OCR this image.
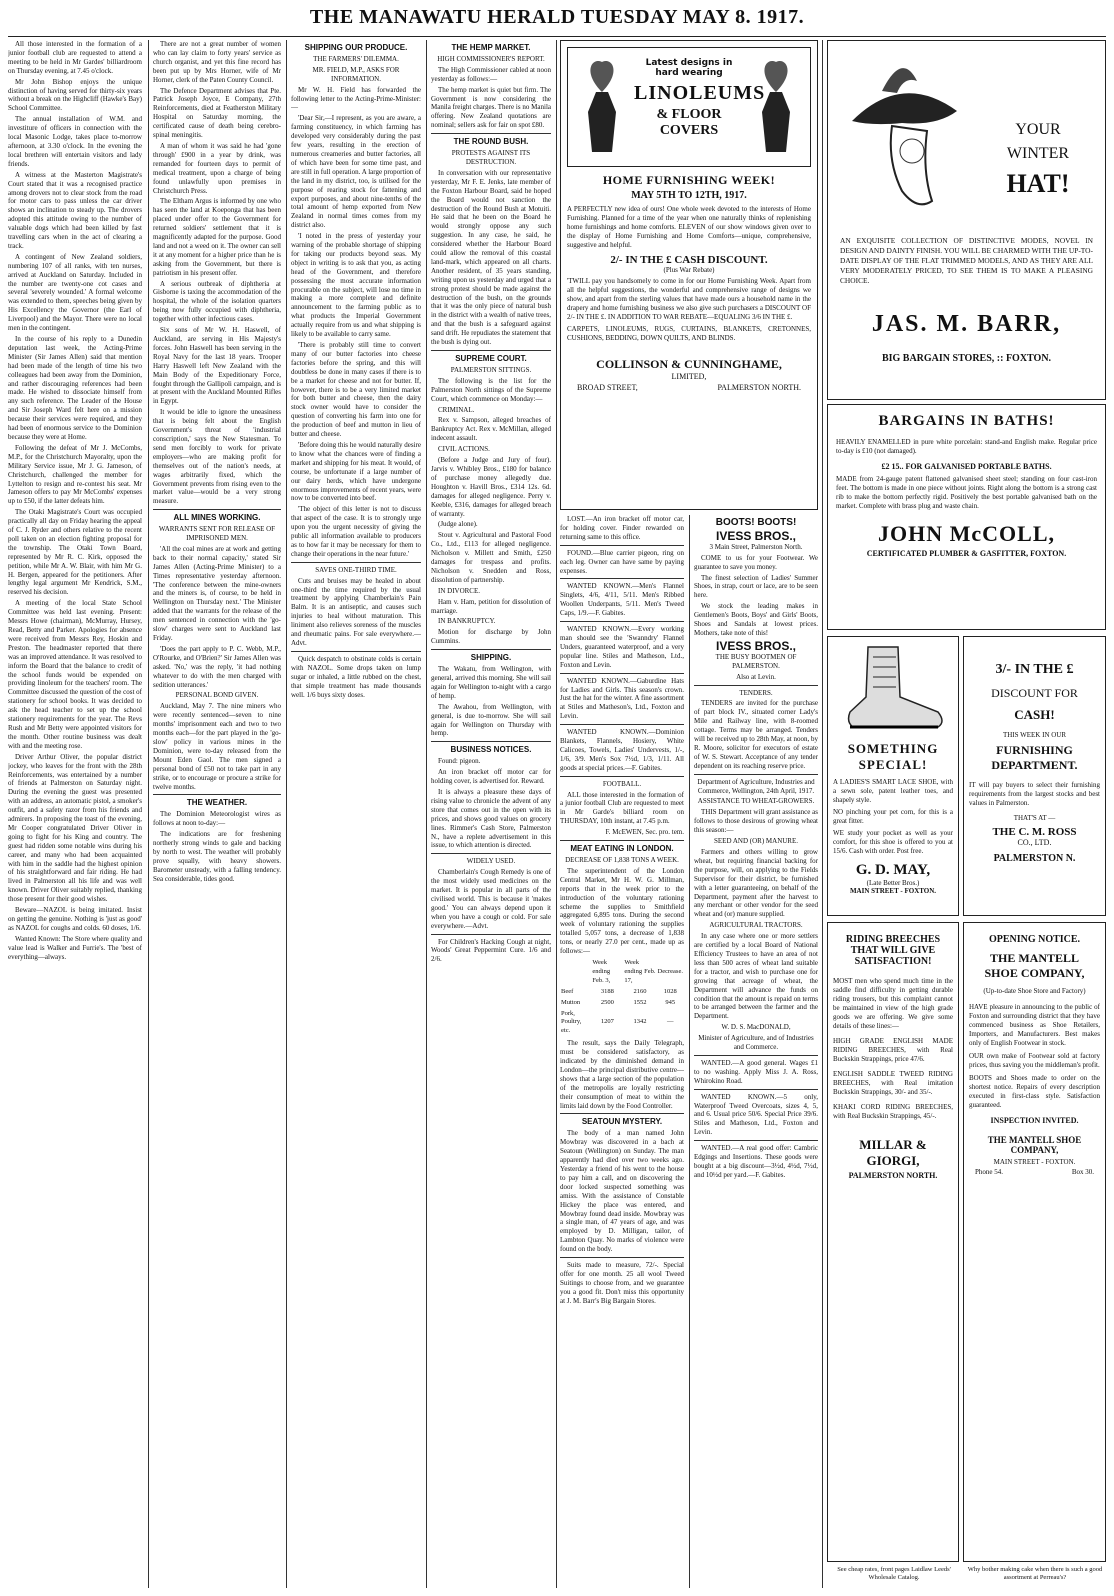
THE MANAWATU HERALD TUESDAY MAY 8. 1917.

All those interested in the formation of a junior football club are requested to attend a meeting to be held in Mr Gardes' billiardroom on Thursday evening, at 7.45 o'clock.

Mr John Bishop enjoys the unique distinction of having served for thirty-six years without a break on the Highcliff (Hawke's Bay) School Committee.

The annual installation of W.M. and investiture of officers in connection with the local Masonic Lodge, takes place to-morrow afternoon, at 3.30 o'clock. In the evening the local brethren will entertain visitors and lady friends.

A witness at the Masterton Magistrate's Court stated that it was a recognised practice among drovers not to clear stock from the road for motor cars to pass unless the car driver shows an inclination to steady up. The drovers adopted this attitude owing to the number of valuable dogs which had been killed by fast travelling cars when in the act of clearing a track.

A contingent of New Zealand soldiers, numbering 107 of all ranks, with ten nurses, arrived at Auckland on Saturday. Included in the number are twenty-one cot cases and several 'severely wounded.' A formal welcome was extended to them, speeches being given by His Excellency the Governor (the Earl of Liverpool) and the Mayor. There were no local men in the contingent.

In the course of his reply to a Dunedin deputation last week, the Acting-Prime Minister (Sir James Allen) said that mention had been made of the length of time his two colleagues had been away from the Dominion, and rather discouraging references had been made. He wished to dissociate himself from any such reference. The Leader of the House and Sir Joseph Ward felt here on a mission because their services were required, and they had been of enormous service to the Dominion because they were at Home.

Following the defeat of Mr J. McCombs, M.P., for the Christchurch Mayoralty, upon the Military Service issue, Mr J. G. Jameson, of Christchurch, challenged the member for Lyttelton to resign and re-contest his seat. Mr Jameson offers to pay Mr McCombs' expenses up to £50, if the latter defeats him.

The Otaki Magistrate's Court was occupied practically all day on Friday hearing the appeal of C. J. Ryder and others relative to the recent poll taken on an election fighting proposal for the township. The Otaki Town Board, represented by Mr R. C. Kirk, opposed the petition, while Mr A. W. Blair, with him Mr G. H. Bergen, appeared for the petitioners. After lengthy legal argument Mr Kendrick, S.M., reserved his decision.

A meeting of the local State School Committee was held last evening. Present: Messrs Howe (chairman), McMurray, Hursey, Read, Betty and Parker. Apologies for absence were received from Messrs Rey, Hoskin and Preston. The headmaster reported that there was an improved attendance. It was resolved to inform the Board that the balance to credit of the school funds would be expended on providing linoleum for the teachers' room. The Committee discussed the question of the cost of stationery for school books. It was decided to ask the head teacher to set up the school stationery requirements for the year. The Revs Rush and Mr Betty were appointed visitors for the month. Other routine business was dealt with and the meeting rose.

Driver Arthur Oliver, the popular district jockey, who leaves for the front with the 28th Reinforcements, was entertained by a number of friends at Palmerston on Saturday night. During the evening the guest was presented with an address, an automatic pistol, a smoker's outfit, and a safety razor from his friends and admirers. In proposing the toast of the evening, Mr Cooper congratulated Driver Oliver in going to fight for his King and country. The guest had ridden some notable wins during his career, and many who had been acquainted with him in the saddle had the highest opinion of his straightforward and fair riding. He had lived in Palmerston all his life and was well known. Driver Oliver suitably replied, thanking those present for their good wishes.

Beware—NAZOL is being imitated. Insist on getting the genuine. Nothing is 'just as good' as NAZOL for coughs and colds. 60 doses, 1/6.

Wanted Known: The Store where quality and value lead is Walker and Furrie's. The 'best of everything—always.

There are not a great number of women who can lay claim to forty years' service as church organist, and yet this fine record has been put up by Mrs Horner, wife of Mr Horner, clerk of the Paten County Council.

The Defence Department advises that Pte. Patrick Joseph Joyce, E Company, 27th Reinforcements, died at Featherston Military Hospital on Saturday morning, the certificated cause of death being cerebro-spinal meningitis.

A man of whom it was said he had 'gone through' £900 in a year by drink, was remanded for fourteen days to permit of medical treatment, upon a charge of being found unlawfully upon premises in Christchurch Press.

The Eltham Argus is informed by one who has seen the land at Koeponga that has been placed under offer to the Government for returned soldiers' settlement that it is magnificently adapted for the purpose. Good land and not a weed on it. The owner can sell it at any moment for a higher price than he is asking from the Government, but there is patriotism in his present offer.

A serious outbreak of diphtheria at Gisborne is taxing the accommodation of the hospital, the whole of the isolation quarters being now fully occupied with diphtheria, together with other infectious cases.

Six sons of Mr W. H. Haswell, of Auckland, are serving in His Majesty's forces. John Haswell has been serving in the Royal Navy for the last 18 years. Trooper Harry Haswell left New Zealand with the Main Body of the Expeditionary Force, fought through the Gallipoli campaign, and is at present with the Auckland Mounted Rifles in Egypt.

It would be idle to ignore the uneasiness that is being felt about the English Government's threat of 'industrial conscription,' says the New Statesman. To send men forcibly to work for private employers—who are making profit for themselves out of the nation's needs, at wages arbitrarily fixed, which the Government prevents from rising even to the market value—would be a very strong measure.

ALL MINES WORKING.
WARRANTS SENT FOR RELEASE OF IMPRISONED MEN.

'All the coal mines are at work and getting back to their normal capacity,' stated Sir James Allen (Acting-Prime Minister) to a Times representative yesterday afternoon. 'The conference between the mine-owners and the miners is, of course, to be held in Wellington on Thursday next.' The Minister added that the warrants for the release of the men sentenced in connection with the 'go-slow' charges were sent to Auckland last Friday.

'Does the part apply to P. C. Webb, M.P., O'Rourke, and O'Brien?' Sir James Allen was asked. 'No,' was the reply, 'it had nothing whatever to do with the men charged with sedition utterances.'

PERSONAL BOND GIVEN.

Auckland, May 7. The nine miners who were recently sentenced—seven to nine months' imprisonment each and two to two months each—for the part played in the 'go-slow' policy in various mines in the Dominion, were to-day released from the Mount Eden Gaol. The men signed a personal bond of £50 not to take part in any strike, or to encourage or procure a strike for twelve months.

THE WEATHER.

The Dominion Meteorologist wires as follows at noon to-day:—

The indications are for freshening northerly strong winds to gale and backing by north to west. The weather will probably prove squally, with heavy showers. Barometer unsteady, with a falling tendency. Sea considerable, tides good.

SHIPPING OUR PRODUCE.
THE FARMERS' DILEMMA.
MR. FIELD, M.P., ASKS FOR INFORMATION.

Mr W. H. Field has forwarded the following letter to the Acting-Prime-Minister:—

'Dear Sir,—I represent, as you are aware, a farming constituency, in which farming has developed very considerably during the past few years, resulting in the erection of numerous creameries and butter factories, all of which have been for some time past, and are still in full operation. A large proportion of the land in my district, too, is utilised for the purpose of rearing stock for fattening and export purposes, and about nine-tenths of the total amount of hemp exported from New Zealand in normal times comes from my district also.

'I noted in the press of yesterday your warning of the probable shortage of shipping for taking our products beyond seas. My object in writing is to ask that you, as acting head of the Government, and therefore possessing the most accurate information procurable on the subject, will lose no time in making a more complete and definite announcement to the farming public as to what products the Imperial Government actually require from us and what shipping is likely to be available to carry same.

'There is probably still time to convert many of our butter factories into cheese factories before the spring, and this will doubtless be done in many cases if there is to be a market for cheese and not for butter. If, however, there is to be a very limited market for both butter and cheese, then the dairy stock owner would have to consider the question of converting his farm into one for the production of beef and mutton in lieu of butter and cheese.

'Before doing this he would naturally desire to know what the chances were of finding a market and shipping for his meat. It would, of course, be unfortunate if a large number of our dairy herds, which have undergone enormous improvements of recent years, were now to be converted into beef.

'The object of this letter is not to discuss that aspect of the case. It is to strongly urge upon you the urgent necessity of giving the public all information available to producers as to how far it may be necessary for them to change their operations in the near future.'

SAVES ONE-THIRD TIME.

Cuts and bruises may be healed in about one-third the time required by the usual treatment by applying Chamberlain's Pain Balm. It is an antiseptic, and causes such injuries to heal without maturation. This liniment also relieves soreness of the muscles and rheumatic pains. For sale everywhere.—Advt.

Quick despatch to obstinate colds is certain with NAZOL. Some drops taken on lump sugar or inhaled, a little rubbed on the chest, that simple treatment has made thousands well. 1/6 buys sixty doses.

THE HEMP MARKET.
HIGH COMMISSIONER'S REPORT.

The High Commissioner cabled at noon yesterday as follows:—

The hemp market is quiet but firm. The Government is now considering the Manila freight charges. There is no Manila offering. New Zealand quotations are nominal; sellers ask for fair on spot £80.

THE ROUND BUSH.
PROTESTS AGAINST ITS DESTRUCTION.

In conversation with our representative yesterday, Mr F. E. Jenks, late member of the Foxton Harbour Board, said he hoped the Board would not sanction the destruction of the Round Bush at Motuiti. He said that he been on the Board he would strongly oppose any such suggestion. In any case, he said, he considered whether the Harbour Board could allow the removal of this coastal land-mark, which appeared on all charts. Another resident, of 35 years standing, writing upon us yesterday and urged that a strong protest should be made against the destruction of the bush, on the grounds that it was the only piece of natural bush in the district with a wealth of native trees, and that the bush is a safeguard against sand drift. He repudiates the statement that the bush is dying out.

SUPREME COURT.
PALMERSTON SITTINGS.

The following is the list for the Palmerston North sittings of the Supreme Court, which commence on Monday:—

CRIMINAL.

Rex v. Sampson, alleged breaches of Bankruptcy Act. Rex v. McMillan, alleged indecent assault.

CIVIL ACTIONS.

(Before a Judge and Jury of four). Jarvis v. Whibley Bros., £180 for balance of purchase money allegedly due. Houghton v. Havill Bros., £314 12s. 6d. damages for alleged negligence. Perry v. Keeble, £316, damages for alleged breach of warranty.

(Judge alone).

Stout v. Agricultural and Pastoral Food Co., Ltd., £113 for alleged negligence. Nicholson v. Millett and Smith, £250 damages for trespass and profits. Nicholson v. Snedden and Ross, dissolution of partnership.

IN DIVORCE.

Ham v. Ham, petition for dissolution of marriage.

IN BANKRUPTCY.

Motion for discharge by John Cummins.

SHIPPING.

The Wakatu, from Wellington, with general, arrived this morning. She will sail again for Wellington to-night with a cargo of hemp.

The Awahou, from Wellington, with general, is due to-morrow. She will sail again for Wellington on Thursday with hemp.

BUSINESS NOTICES.

Found: pigeon.

An iron bracket off motor car for holding cover, is advertised for. Reward.

It is always a pleasure these days of rising value to chronicle the advent of any store that comes out in the open with its prices, and shows good values on grocery lines. Rimmer's Cash Store, Palmerston N., have a replete advertisement in this issue, to which attention is directed.

WIDELY USED.

Chamberlain's Cough Remedy is one of the most widely used medicines on the market. It is popular in all parts of the civilised world. This is because it 'makes good.' You can always depend upon it when you have a cough or cold. For sale everywhere.—Advt.

For Children's Hacking Cough at night, Woods' Great Peppermint Cure. 1/6 and 2/6.

Latest designs in hard wearing
LINOLEUMS
& FLOOR COVERS
HOME FURNISHING WEEK!
MAY 5TH TO 12TH, 1917.
A PERFECTLY new idea of ours! One whole week devoted to the interests of Home Furnishing. Planned for a time of the year when one naturally thinks of replenishing home furnishings and home comforts. ELEVEN of our show windows given over to the display of Home Furnishing and Home Comforts—unique, comprehensive, suggestive and helpful.
2/- IN THE £ CASH DISCOUNT.
(Plus War Rebate)
'TWILL pay you handsomely to come in for our Home Furnishing Week. Apart from all the helpful suggestions, the wonderful and comprehensive range of designs we show, and apart from the sterling values that have made ours a household name in the drapery and home furnishing business we also give such purchasers a DISCOUNT OF 2/- IN THE £. IN ADDITION TO WAR REBATE—EQUALING 3/6 IN THE £.
CARPETS, LINOLEUMS, RUGS, CURTAINS, BLANKETS, CRETONNES, CUSHIONS, BEDDING, DOWN QUILTS, AND BLINDS.
COLLINSON & CUNNINGHAME,
LIMITED,
BROAD STREET,	PALMERSTON NORTH.

LOST.—An iron bracket off motor car, for holding cover. Finder rewarded on returning same to this office.

FOUND.—Blue carrier pigeon, ring on each leg. Owner can have same by paying expenses.

WANTED KNOWN.—Men's Flannel Singlets, 4/6, 4/11, 5/11. Men's Ribbed Woollen Underpants, 5/11. Men's Tweed Caps, 1/9.—F. Gabites.

WANTED KNOWN.—Every working man should see the 'Swanndry' Flannel Unders, guaranteed waterproof, and a very popular line. Stiles and Matheson, Ltd., Foxton and Levin.

WANTED KNOWN.—Gaburdine Hats for Ladies and Girls. This season's crown. Just the hat for the winter. A fine assortment at Stiles and Matheson's, Ltd., Foxton and Levin.

WANTED KNOWN.—Dominion Blankets, Flannels, Hosiery, White Calicoes, Towels, Ladies' Undervests, 1/-, 1/6, 3/9. Men's Sox 7½d, 1/3, 1/11. All goods at special prices.—F. Gabites.

FOOTBALL.

ALL those interested in the formation of a junior football Club are requested to meet in Mr Garde's billiard room on THURSDAY, 10th instant, at 7.45 p.m.

F. McEWEN, Sec. pro. tem.
MEAT EATING IN LONDON.
DECREASE OF 1,838 TONS A WEEK.

The superintendent of the London Central Market, Mr H. W. G. Millman, reports that in the week prior to the introduction of the voluntary rationing scheme the supplies to Smithfield aggregated 6,895 tons. During the second week of voluntary rationing the supplies totalled 5,057 tons, a decrease of 1,838 tons, or nearly 27.0 per cent., made up as follows:—

	Week ending Feb. 3,	Week ending Feb. 17,	Decrease.
Beef	3188	2160	1028
Mutton	2500	1552	945
Pork, Poultry, etc.	1207	1342	—

The result, says the Daily Telegraph, must be considered satisfactory, as indicated by the diminished demand in London—the principal distributive centre—shows that a large section of the population of the metropolis are loyally restricting their consumption of meat to within the limits laid down by the Food Controller.

SEATOUN MYSTERY.

The body of a man named John Mowbray was discovered in a bach at Seatoun (Wellington) on Sunday. The man apparently had died over two weeks ago. Yesterday a friend of his went to the house to pay him a call, and on discovering the door locked suspected something was amiss. With the assistance of Constable Hickey the place was entered, and Mowbray found dead inside. Mowbray was a single man, of 47 years of age, and was employed by D. Milligan, tailor, of Lambton Quay. No marks of violence were found on the body.

Suits made to measure, 72/-. Special offer for one month. 25 all wool Tweed Suitings to choose from, and we guarantee you a good fit. Don't miss this opportunity at J. M. Barr's Big Bargain Stores.

BOOTS! BOOTS!
IVESS BROS.,
3 Main Street, Palmerston North.

COME to us for your Footwear. We guarantee to save you money.

The finest selection of Ladies' Summer Shoes, in strap, court or lace, are to be seen here.

We stock the leading makes in Gentlemen's Boots, Boys' and Girls' Boots, Shoes and Sandals at lowest prices. Mothers, take note of this!

IVESS BROS.,
THE BUSY BOOTMEN OF PALMERSTON.
Also at Levin.
TENDERS.

TENDERS are invited for the purchase of part block IV., situated corner Lady's Mile and Railway line, with 8-roomed cottage. Terms may be arranged. Tenders will be received up to 28th May, at noon, by R. Moore, solicitor for executors of estate of W. S. Stewart. Acceptance of any tender dependent on its reaching reserve price.

Department of Agriculture, Industries and Commerce, Wellington, 24th April, 1917.
ASSISTANCE TO WHEAT-GROWERS.

THIS Department will grant assistance as follows to those desirous of growing wheat this season:—

SEED AND (OR) MANURE.

Farmers and others willing to grow wheat, but requiring financial backing for the purpose, will, on applying to the Fields Supervisor for their district, be furnished with a letter guaranteeing, on behalf of the Department, payment after the harvest to any merchant or other vendor for the seed wheat and (or) manure supplied.

AGRICULTURAL TRACTORS.

In any case where one or more settlers are certified by a local Board of National Efficiency Trustees to have an area of not less than 500 acres of wheat land suitable for a tractor, and wish to purchase one for growing that acreage of wheat, the Department will advance the funds on condition that the amount is repaid on terms to be arranged between the farmer and the Department.

W. D. S. MacDONALD,
Minister of Agriculture, and of Industries and Commerce.

WANTED.—A good general. Wages £1 to no washing. Apply Miss J. A. Ross, Whirokino Road.

WANTED KNOWN.—5 only, Waterproof Tweed Overcoats, sizes 4, 5, and 6. Usual price 50/6. Special Price 39/6. Stiles and Matheson, Ltd., Foxton and Levin.

WANTED.—A real good offer: Cambric Edgings and Insertions. These goods were bought at a big discount—3½d, 4½d, 7½d, and 10½d per yard.—F. Gabites.

YOUR
WINTER
HAT!
AN EXQUISITE COLLECTION OF DISTINCTIVE MODES, NOVEL IN DESIGN AND DAINTY FINISH. YOU WILL BE CHARMED WITH THE UP-TO-DATE DISPLAY OF THE FLAT TRIMMED MODELS, AND AS THEY ARE ALL VERY MODERATELY PRICED, TO SEE THEM IS TO MAKE A PLEASING CHOICE.
JAS. M. BARR,
BIG BARGAIN STORES, :: FOXTON.
BARGAINS IN BATHS!
HEAVILY ENAMELLED in pure white porcelain: stand-and English make. Regular price to-day is £10 (not damaged).
£2 15.. FOR GALVANISED PORTABLE BATHS.
MADE from 24-gauge patent flattened galvanised sheet steel; standing on four cast-iron feet. The bottom is made in one piece without joints. Right along the bottom is a strong cast rib to make the bottom perfectly rigid. Positively the best portable galvanised bath on the market. Complete with brass plug and waste chain.
JOHN McCOLL,
CERTIFICATED PLUMBER & GASFITTER, FOXTON.
SOMETHING
SPECIAL!
A LADIES'S SMART LACE SHOE, with a sewn sole, patent leather toes, and shapely style.
NO pinching your pet corn, for this is a great fitter.
WE study your pocket as well as your comfort, for this shoe is offered to you at 15/6. Cash with order. Post free.
G. D. MAY,
(Late Better Bros.)
MAIN STREET - FOXTON.
3/- IN THE £
DISCOUNT FOR
CASH!
THIS WEEK IN OUR
FURNISHING
DEPARTMENT.
IT will pay buyers to select their furnishing requirements from the largest stocks and best values in Palmerston.
THAT'S AT —
THE C. M. ROSS
CO., LTD.
PALMERSTON N.
RIDING BREECHES
THAT WILL GIVE
SATISFACTION!
MOST men who spend much time in the saddle find difficulty in getting durable riding trousers, but this complaint cannot be maintained in view of the high grade goods we are offering. We give some details of these lines:—
HIGH GRADE ENGLISH MADE RIDING BREECHES, with Real Buckskin Strappings, price 47/6.
ENGLISH SADDLE TWEED RIDING BREECHES, with Real imitation Buckskin Strappings, 30/- and 35/-.
KHAKI CORD RIDING BREECHES, with Real Buckskin Strappings, 45/-.
MILLAR & GIORGI,
PALMERSTON NORTH.
OPENING NOTICE.
THE MANTELL
SHOE COMPANY,
(Up-to-date Shoe Store and Factory)
HAVE pleasure in announcing to the public of Foxton and surrounding district that they have commenced business as Shoe Retailers, Importers, and Manufacturers. Best makes only of English Footwear in stock.
OUR own make of Footwear sold at factory prices, thus saving you the middleman's profit.
BOOTS and Shoes made to order on the shortest notice. Repairs of every description executed in first-class style. Satisfaction guaranteed.
INSPECTION INVITED.
THE MANTELL SHOE COMPANY,
MAIN STREET - FOXTON.
Phone 54.	Box 30.
See cheap rates, front pages Laidlaw Leeds' Wholesale Catalog.
Why bother making cake when there is such a good assortment at Perreau's?
